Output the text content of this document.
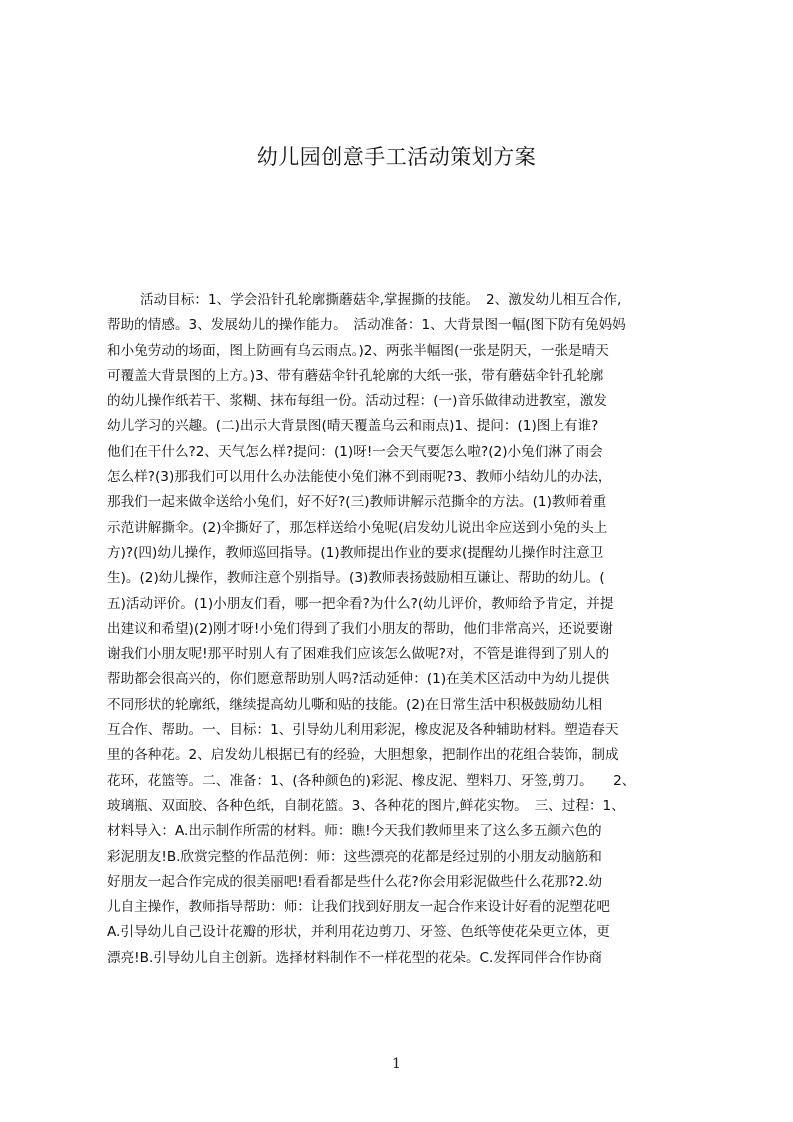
幼儿园创意手工活动策划方案
活动目标：1、学会沿针孔轮廓撕蘑菇伞,掌握撕的技能。　2、激发幼儿相互合作,
帮助的情感。3、发展幼儿的操作能力。　活动准备：1、大背景图一幅(图下防有兔妈妈
和小兔劳动的场面，图上防画有乌云雨点。)2、两张半幅图(一张是阴天，一张是晴天
可覆盖大背景图的上方。)3、带有蘑菇伞针孔轮廓的大纸一张，带有蘑菇伞针孔轮廓
的幼儿操作纸若干、浆糊、抹布每组一份。活动过程：(一)音乐做律动进教室，激发
幼儿学习的兴趣。(二)出示大背景图(晴天覆盖乌云和雨点)1、提问：(1)图上有谁?
他们在干什么?2、天气怎么样?提问：(1)呀!一会天气要怎么啦?(2)小兔们淋了雨会
怎么样?(3)那我们可以用什么办法能使小兔们淋不到雨呢?3、教师小结幼儿的办法，
那我们一起来做伞送给小兔们，好不好?(三)教师讲解示范撕伞的方法。(1)教师着重
示范讲解撕伞。(2)伞撕好了，那怎样送给小兔呢(启发幼儿说出伞应送到小兔的头上
方)?(四)幼儿操作，教师巡回指导。(1)教师提出作业的要求(提醒幼儿操作时注意卫
生)。(2)幼儿操作，教师注意个别指导。(3)教师表扬鼓励相互谦让、帮助的幼儿。(
五)活动评价。(1)小朋友们看，哪一把伞看?为什么?(幼儿评价，教师给予肯定，并提
出建议和希望)(2)刚才呀!小兔们得到了我们小朋友的帮助，他们非常高兴，还说要谢
谢我们小朋友呢!那平时别人有了困难我们应该怎么做呢?对，不管是谁得到了别人的
帮助都会很高兴的，你们愿意帮助别人吗?活动延伸：(1)在美术区活动中为幼儿提供
不同形状的轮廓纸，继续提高幼儿嘶和贴的技能。(2)在日常生活中积极鼓励幼儿相
互合作、帮助。一、目标：1、引导幼儿利用彩泥，橡皮泥及各种辅助材料。塑造春天
里的各种花。2、启发幼儿根据已有的经验，大胆想象，把制作出的花组合装饰，制成
花环，花篮等。二、准备：1、(各种颜色的)彩泥、橡皮泥、塑料刀、牙签,剪刀。　　2、
玻璃瓶、双面胶、各种色纸，自制花篮。3、各种花的图片,鲜花实物。　三、过程：1、
材料导入：A.出示制作所需的材料。师：瞧!今天我们教师里来了这么多五颜六色的
彩泥朋友!B.欣赏完整的作品范例：师：这些漂亮的花都是经过别的小朋友动脑筋和
好朋友一起合作完成的很美丽吧!看看都是些什么花?你会用彩泥做些什么花那?2.幼
儿自主操作，教师指导帮助：师：让我们找到好朋友一起合作来设计好看的泥塑花吧
A.引导幼儿自己设计花瓣的形状，并利用花边剪刀、牙签、色纸等使花朵更立体，更
漂亮!B.引导幼儿自主创新。选择材料制作不一样花型的花朵。C.发挥同伴合作协商
1
